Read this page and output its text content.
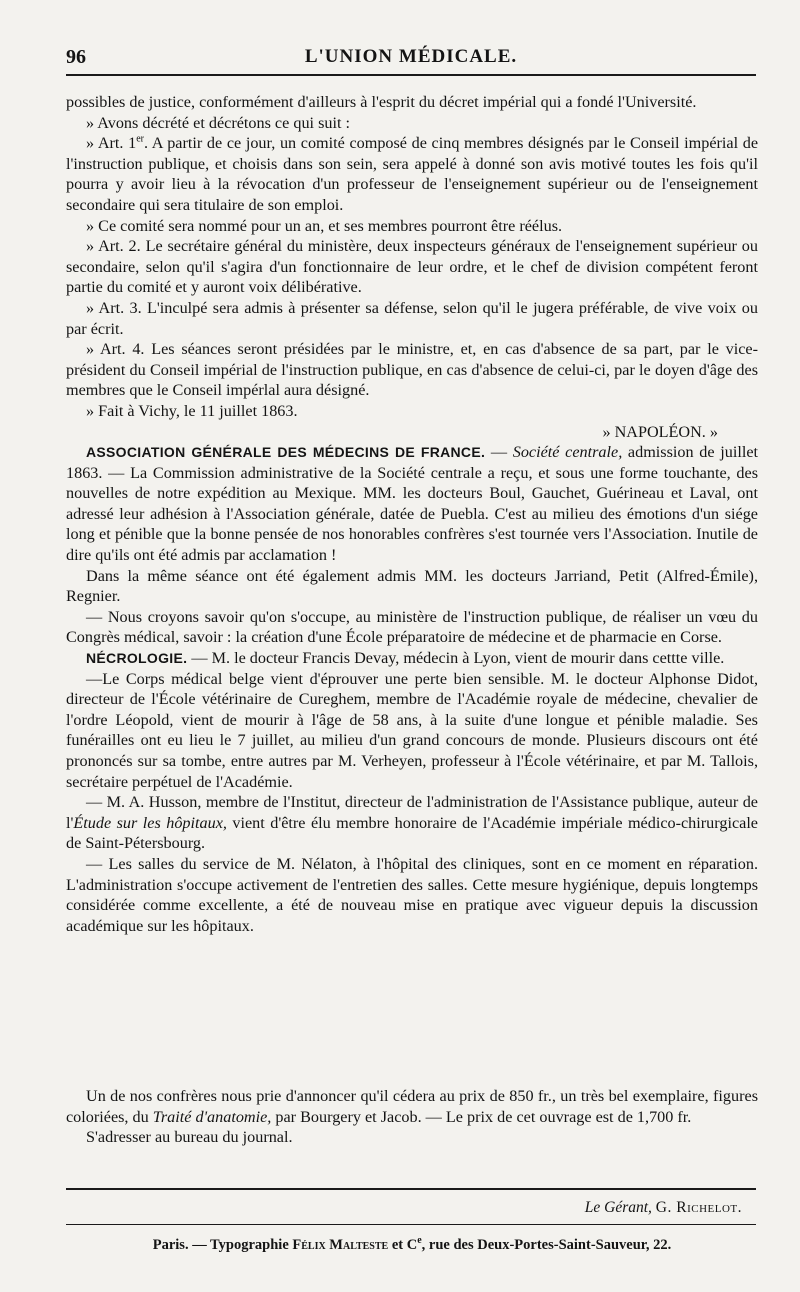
96	L'UNION MÉDICALE.

possibles de justice, conformément d'ailleurs à l'esprit du décret impérial qui a fondé l'Université.

» Avons décrété et décrétons ce qui suit :

» Art. 1er. A partir de ce jour, un comité composé de cinq membres désignés par le Conseil impérial de l'instruction publique, et choisis dans son sein, sera appelé à donné son avis motivé toutes les fois qu'il pourra y avoir lieu à la révocation d'un professeur de l'enseignement supérieur ou de l'enseignement secondaire qui sera titulaire de son emploi.

» Ce comité sera nommé pour un an, et ses membres pourront être réélus.

» Art. 2. Le secrétaire général du ministère, deux inspecteurs généraux de l'enseignement supérieur ou secondaire, selon qu'il s'agira d'un fonctionnaire de leur ordre, et le chef de division compétent feront partie du comité et y auront voix délibérative.

» Art. 3. L'inculpé sera admis à présenter sa défense, selon qu'il le jugera préférable, de vive voix ou par écrit.

» Art. 4. Les séances seront présidées par le ministre, et, en cas d'absence de sa part, par le vice-président du Conseil impérial de l'instruction publique, en cas d'absence de celui-ci, par le doyen d'âge des membres que le Conseil impérlal aura désigné.

» Fait à Vichy, le 11 juillet 1863.

» NAPOLÉON. »

ASSOCIATION GÉNÉRALE DES MÉDECINS DE FRANCE. — Société centrale, admission de juillet 1863. — La Commission administrative de la Société centrale a reçu, et sous une forme touchante, des nouvelles de notre expédition au Mexique. MM. les docteurs Boul, Gauchet, Guérineau et Laval, ont adressé leur adhésion à l'Association générale, datée de Puebla. C'est au milieu des émotions d'un siége long et pénible que la bonne pensée de nos honorables confrères s'est tournée vers l'Association. Inutile de dire qu'ils ont été admis par acclamation !

Dans la même séance ont été également admis MM. les docteurs Jarriand, Petit (Alfred-Émile), Regnier.

— Nous croyons savoir qu'on s'occupe, au ministère de l'instruction publique, de réaliser un vœu du Congrès médical, savoir : la création d'une École préparatoire de médecine et de pharmacie en Corse.

NÉCROLOGIE. — M. le docteur Francis Devay, médecin à Lyon, vient de mourir dans cettte ville.

—Le Corps médical belge vient d'éprouver une perte bien sensible. M. le docteur Alphonse Didot, directeur de l'École vétérinaire de Cureghem, membre de l'Académie royale de médecine, chevalier de l'ordre Léopold, vient de mourir à l'âge de 58 ans, à la suite d'une longue et pénible maladie. Ses funérailles ont eu lieu le 7 juillet, au milieu d'un grand concours de monde. Plusieurs discours ont été prononcés sur sa tombe, entre autres par M. Verheyen, professeur à l'École vétérinaire, et par M. Tallois, secrétaire perpétuel de l'Académie.

— M. A. Husson, membre de l'Institut, directeur de l'administration de l'Assistance publique, auteur de l'Étude sur les hôpitaux, vient d'être élu membre honoraire de l'Académie impériale médico-chirurgicale de Saint-Pétersbourg.

— Les salles du service de M. Nélaton, à l'hôpital des cliniques, sont en ce moment en réparation. L'administration s'occupe activement de l'entretien des salles. Cette mesure hygiénique, depuis longtemps considérée comme excellente, a été de nouveau mise en pratique avec vigueur depuis la discussion académique sur les hôpitaux.

Un de nos confrères nous prie d'annoncer qu'il cédera au prix de 850 fr., un très bel exemplaire, figures coloriées, du Traité d'anatomie, par Bourgery et Jacob. — Le prix de cet ouvrage est de 1,700 fr.

S'adresser au bureau du journal.

Le Gérant, G. Richelot.
Paris. — Typographie Félix Malteste et Ce, rue des Deux-Portes-Saint-Sauveur, 22.
